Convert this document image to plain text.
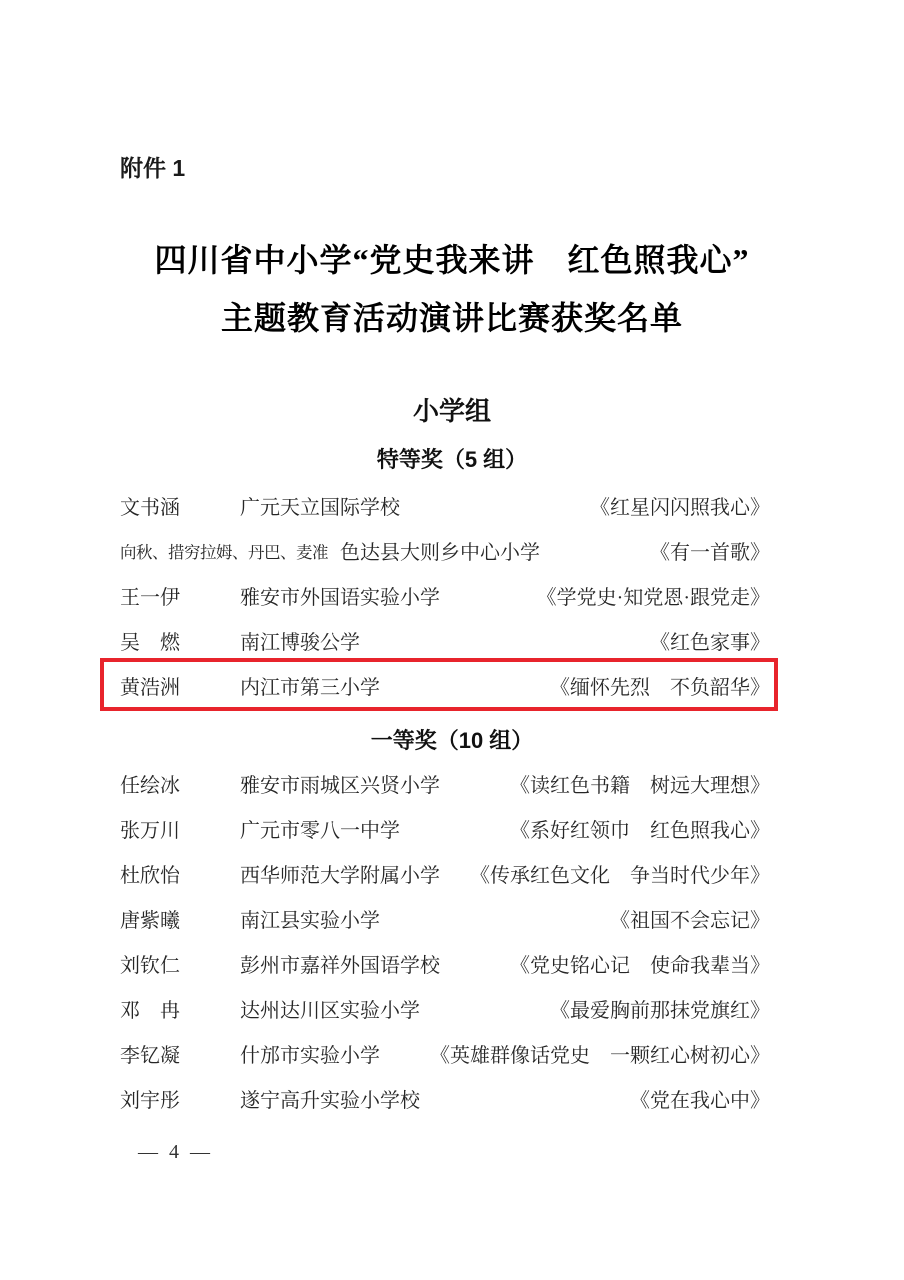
附件 1
四川省中小学“党史我来讲　红色照我心”
主题教育活动演讲比赛获奖名单
小学组
特等奖（5 组）
文书涵	广元天立国际学校	《红星闪闪照我心》
向秋、措穷拉姆、丹巴、麦准 色达县大则乡中心小学	《有一首歌》
王一伊	雅安市外国语实验小学	《学党史·知党恩·跟党走》
吴　燃	南江博骏公学	《红色家事》
黄浩洲	内江市第三小学	《缅怀先烈　不负韶华》
一等奖（10 组）
任绘冰	雅安市雨城区兴贤小学	《读红色书籍　树远大理想》
张万川	广元市零八一中学	《系好红领巾　红色照我心》
杜欣怡	西华师范大学附属小学 《传承红色文化　争当时代少年》
唐紫曦	南江县实验小学	《祖国不会忘记》
刘钦仁	彭州市嘉祥外国语学校	《党史铭心记　使命我辈当》
邓　冉	达州达川区实验小学	《最爱胸前那抹党旗红》
李钇凝	什邡市实验小学	《英雄群像话党史　一颗红心树初心》
刘宇彤	遂宁高升实验小学校	《党在我心中》
— 4 —
